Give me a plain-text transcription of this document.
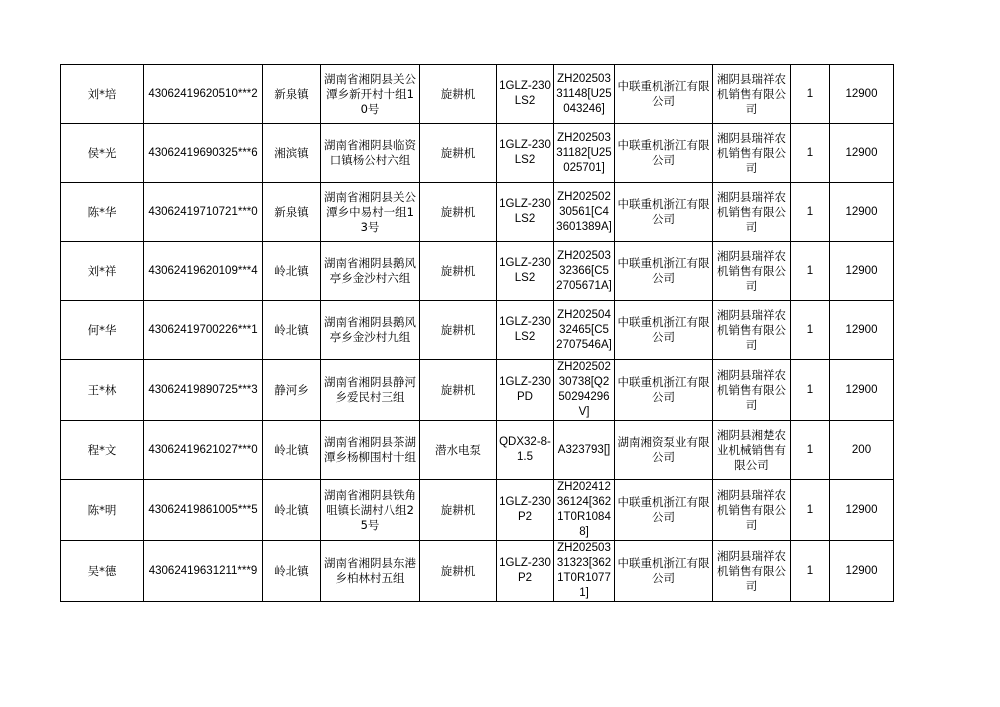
刘*培	43062419620510***2	新泉镇	湖南省湘阴县关公潭乡新开村十组10号	旋耕机	1GLZ-230LS2	ZH20250331148[U25043246]	中联重机浙江有限公司	湘阴县瑞祥农机销售有限公司	1	12900
侯*光	43062419690325***6	湘滨镇	湖南省湘阴县临资口镇杨公村六组	旋耕机	1GLZ-230LS2	ZH20250331182[U25025701]	中联重机浙江有限公司	湘阴县瑞祥农机销售有限公司	1	12900
陈*华	43062419710721***0	新泉镇	湖南省湘阴县关公潭乡中易村一组13号	旋耕机	1GLZ-230LS2	ZH20250230561[C43601389A]	中联重机浙江有限公司	湘阴县瑞祥农机销售有限公司	1	12900
刘*祥	43062419620109***4	岭北镇	湖南省湘阴县鹅风亭乡金沙村六组	旋耕机	1GLZ-230LS2	ZH20250332366[C52705671A]	中联重机浙江有限公司	湘阴县瑞祥农机销售有限公司	1	12900
何*华	43062419700226***1	岭北镇	湖南省湘阴县鹅风亭乡金沙村九组	旋耕机	1GLZ-230LS2	ZH20250432465[C52707546A]	中联重机浙江有限公司	湘阴县瑞祥农机销售有限公司	1	12900
王*林	43062419890725***3	静河乡	湖南省湘阴县静河乡爱民村三组	旋耕机	1GLZ-230PD	ZH20250230738[Q250294296V]	中联重机浙江有限公司	湘阴县瑞祥农机销售有限公司	1	12900
程*文	43062419621027***0	岭北镇	湖南省湘阴县茶湖潭乡杨柳围村十组	潜水电泵	QDX32-8-1.5	A323793[]	湖南湘资泵业有限公司	湘阴县湘楚农业机械销售有限公司	1	200
陈*明	43062419861005***5	岭北镇	湖南省湘阴县铁角咀镇长湖村八组25号	旋耕机	1GLZ-230P2	ZH20241236124[3621T0R10848]	中联重机浙江有限公司	湘阴县瑞祥农机销售有限公司	1	12900
吴*德	43062419631211***9	岭北镇	湖南省湘阴县东港乡柏林村五组	旋耕机	1GLZ-230P2	ZH20250331323[3621T0R10771]	中联重机浙江有限公司	湘阴县瑞祥农机销售有限公司	1	12900
